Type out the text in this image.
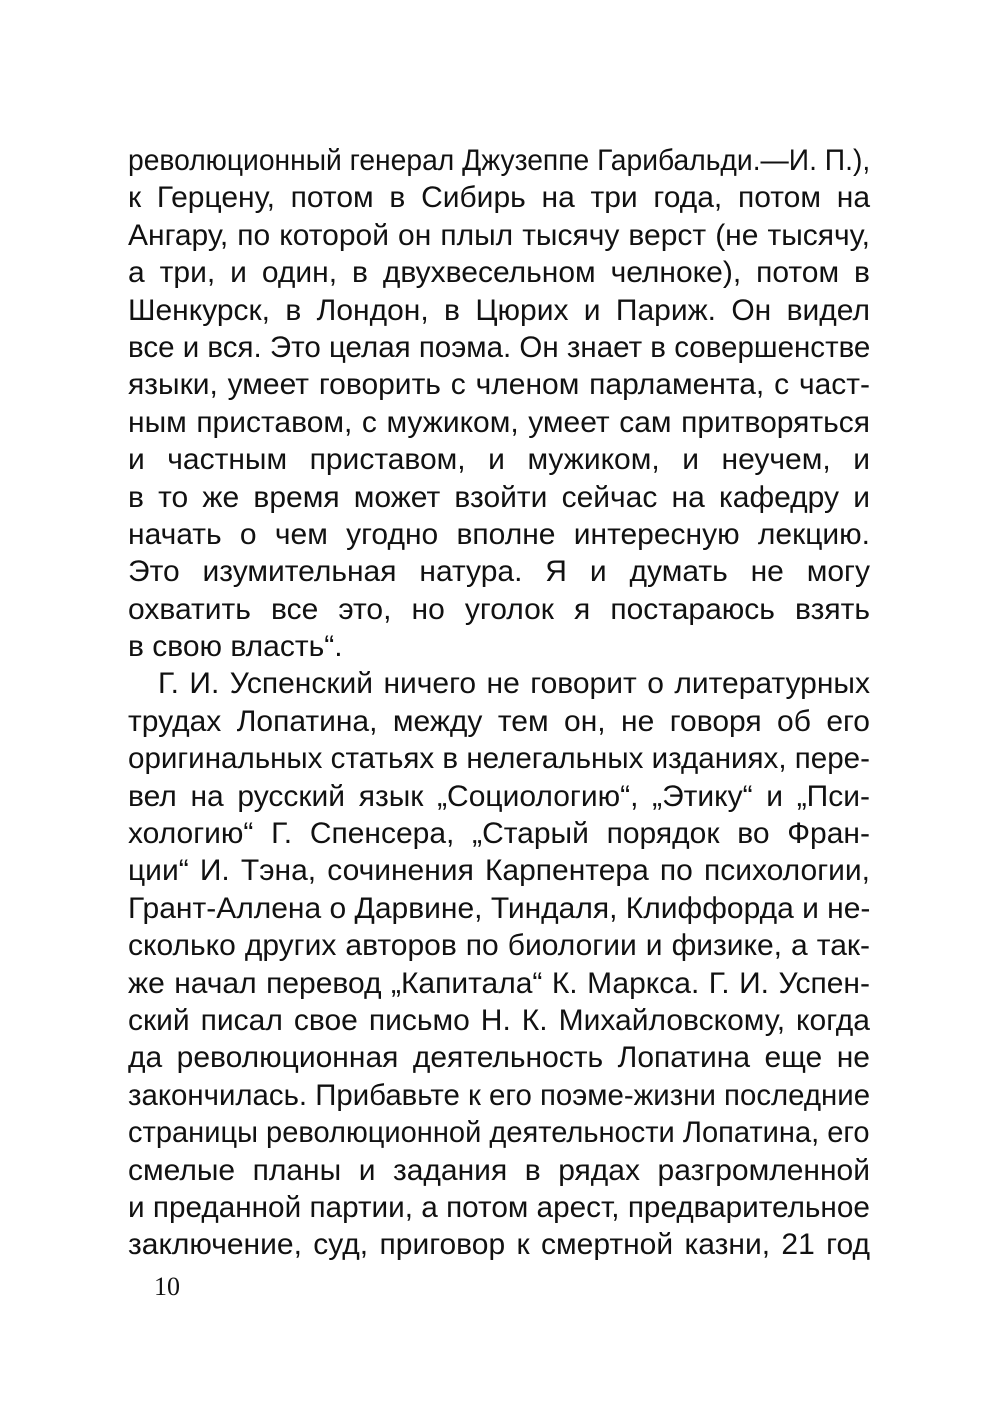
революционный генерал Джузеппе Гарибальди.—И. П.),
к Герцену, потом в Сибирь на три года, потом на
Ангару, по которой он плыл тысячу верст (не тысячу,
а три, и один, в двухвесельном челноке), потом в
Шенкурск, в Лондон, в Цюрих и Париж. Он видел
все и вся. Это целая поэма. Он знает в совершенстве
языки, умеет говорить с членом парламента, с част-
ным приставом, с мужиком, умеет сам притворяться
и частным приставом, и мужиком, и неучем, и
в то же время может взойти сейчас на кафедру и
начать о чем угодно вполне интересную лекцию.
Это изумительная натура. Я и думать не могу
охватить все это, но уголок я постараюсь взять
в свою власть“.
Г. И. Успенский ничего не говорит о литературных
трудах Лопатина, между тем он, не говоря об его
оригинальных статьях в нелегальных изданиях, пере-
вел на русский язык „Социологию“, „Этику“ и „Пси-
хологию“ Г. Спенсера, „Старый порядок во Фран-
ции“ И. Тэна, сочинения Карпентера по психологии,
Грант-Аллена о Дарвине, Тиндаля, Клиффорда и не-
сколько других авторов по биологии и физике, а так-
же начал перевод „Капитала“ К. Маркса. Г. И. Успен-
ский писал свое письмо Н. К. Михайловскому, когда
да революционная деятельность Лопатина еще не
закончилась. Прибавьте к его поэме-жизни последние
страницы революционной деятельности Лопатина, его
смелые планы и задания в рядах разгромленной
и преданной партии, а потом арест, предварительное
заключение, суд, приговор к смертной казни, 21 год
10
